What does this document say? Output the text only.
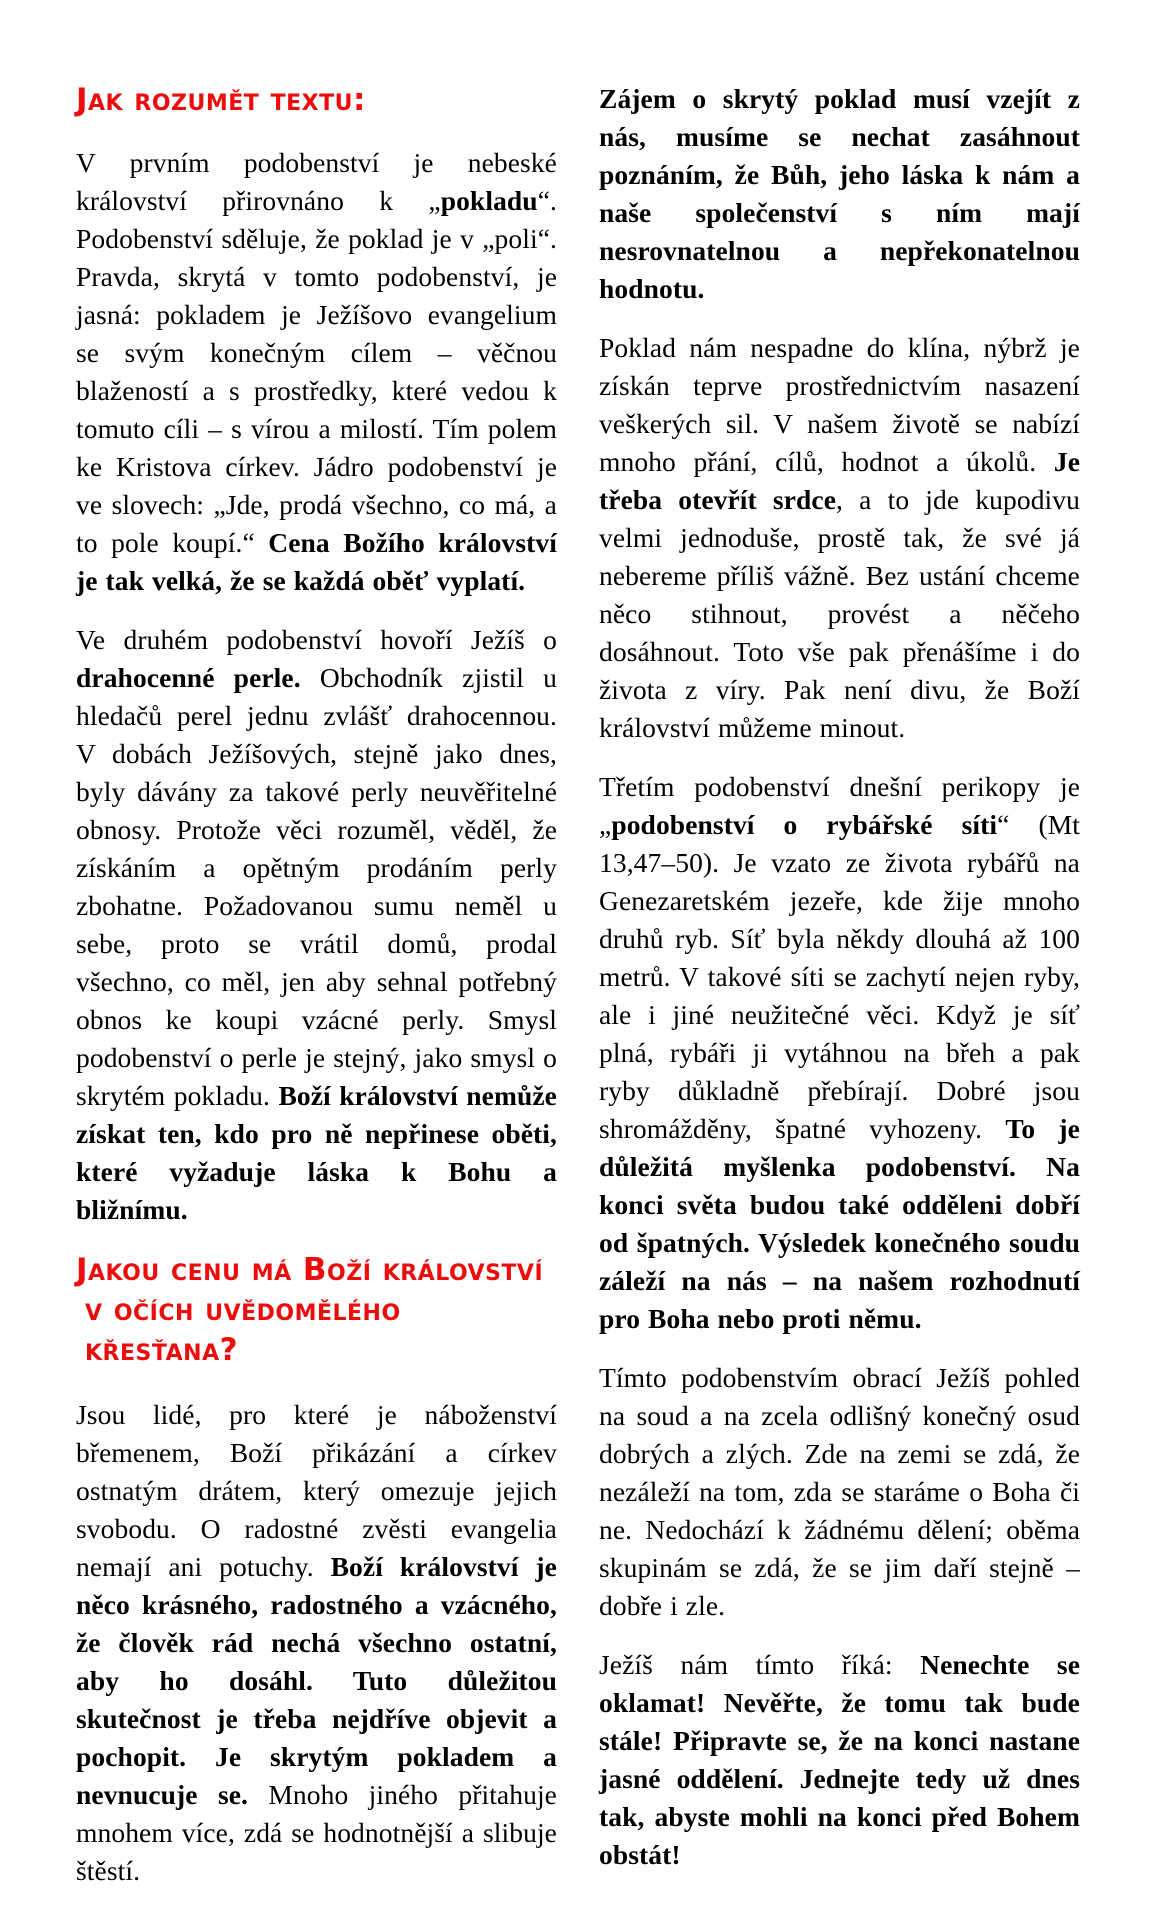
Jak rozumět textu:

V prvním podobenství je nebeské království přirovnáno k „pokladu“. Podobenství sděluje, že poklad je v „poli“. Pravda, skrytá v tomto podobenství, je jasná: pokladem je Ježíšovo evangelium se svým konečným cílem – věčnou blažeností a s prostředky, které vedou k tomuto cíli – s vírou a milostí. Tím polem ke Kristova církev. Jádro podobenství je ve slovech: „Jde, prodá všechno, co má, a to pole koupí.“ Cena Božího království je tak velká, že se každá oběť vyplatí.

Ve druhém podobenství hovoří Ježíš o drahocenné perle. Obchodník zjistil u hledačů perel jednu zvlášť drahocennou. V dobách Ježíšových, stejně jako dnes, byly dávány za takové perly neuvěřitelné obnosy. Protože věci rozuměl, věděl, že získáním a opětným prodáním perly zbohatne. Požadovanou sumu neměl u sebe, proto se vrátil domů, prodal všechno, co měl, jen aby sehnal potřebný obnos ke koupi vzácné perly. Smysl podobenství o perle je stejný, jako smysl o skrytém pokladu. Boží království nemůže získat ten, kdo pro ně nepřinese oběti, které vyžaduje láska k Bohu a bližnímu.

Jakou cenu má Boží království
v očích uvědomělého křesťana?

Jsou lidé, pro které je náboženství břemenem, Boží přikázání a církev ostnatým drátem, který omezuje jejich svobodu. O radostné zvěsti evangelia nemají ani potuchy. Boží království je něco krásného, radostného a vzácného, že člověk rád nechá všechno ostatní, aby ho dosáhl. Tuto důležitou skutečnost je třeba nejdříve objevit a pochopit. Je skrytým pokladem a nevnucuje se. Mnoho jiného přitahuje mnohem více, zdá se hodnotnější a slibuje štěstí.

Zájem o skrytý poklad musí vzejít z nás, musíme se nechat zasáhnout poznáním, že Bůh, jeho láska k nám a naše společenství s ním mají nesrovnatelnou a nepřekonatelnou hodnotu.

Poklad nám nespadne do klína, nýbrž je získán teprve prostřednictvím nasazení veškerých sil. V našem životě se nabízí mnoho přání, cílů, hodnot a úkolů. Je třeba otevřít srdce, a to jde kupodivu velmi jednoduše, prostě tak, že své já nebereme příliš vážně. Bez ustání chceme něco stihnout, provést a něčeho dosáhnout. Toto vše pak přenášíme i do života z víry. Pak není divu, že Boží království můžeme minout.

Třetím podobenství dnešní perikopy je „podobenství o rybářské síti“ (Mt 13,47–50). Je vzato ze života rybářů na Genezaretském jezeře, kde žije mnoho druhů ryb. Síť byla někdy dlouhá až 100 metrů. V takové síti se zachytí nejen ryby, ale i jiné neužitečné věci. Když je síť plná, rybáři ji vytáhnou na břeh a pak ryby důkladně přebírají. Dobré jsou shromážděny, špatné vyhozeny. To je důležitá myšlenka podobenství. Na konci světa budou také odděleni dobří od špatných. Výsledek konečného soudu záleží na nás – na našem rozhodnutí pro Boha nebo proti němu.

Tímto podobenstvím obrací Ježíš pohled na soud a na zcela odlišný konečný osud dobrých a zlých. Zde na zemi se zdá, že nezáleží na tom, zda se staráme o Boha či ne. Nedochází k žádnému dělení; oběma skupinám se zdá, že se jim daří stejně – dobře i zle.

Ježíš nám tímto říká: Nenechte se oklamat! Nevěřte, že tomu tak bude stále! Připravte se, že na konci nastane jasné oddělení. Jednejte tedy už dnes tak, abyste mohli na konci před Bohem obstát!
